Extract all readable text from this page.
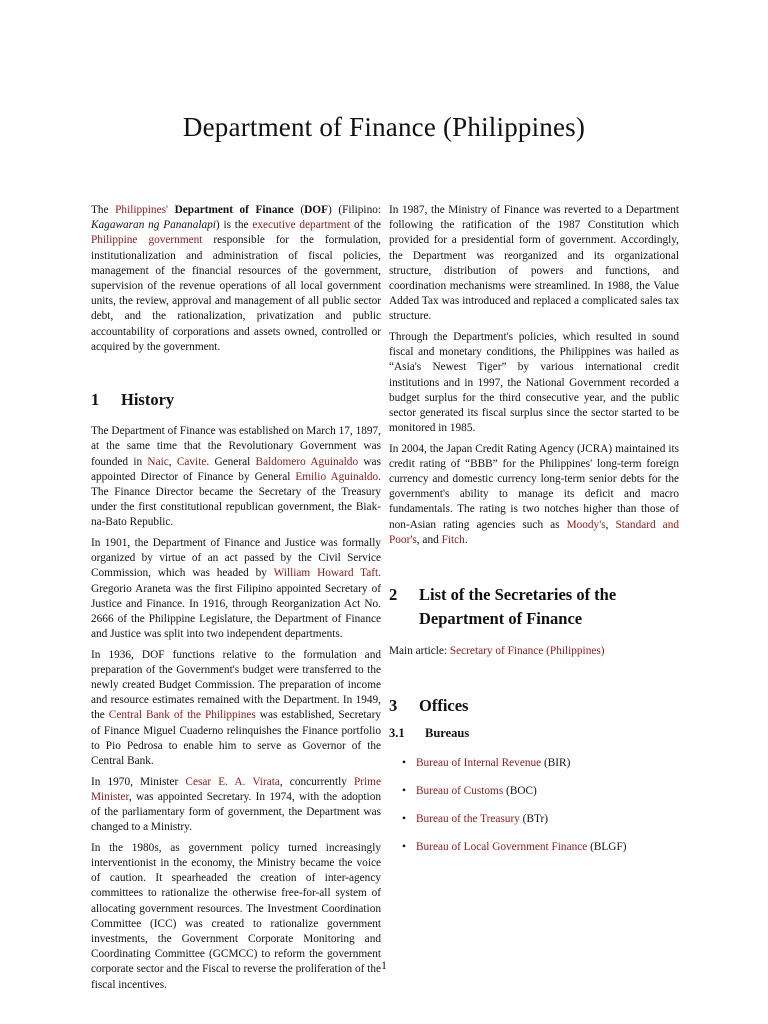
Department of Finance (Philippines)

The Philippines' Department of Finance (DOF) (Filipino: Kagawaran ng Pananalapi) is the executive department of the Philippine government responsible for the formulation, institutionalization and administration of fiscal policies, management of the financial resources of the government, supervision of the revenue operations of all local government units, the review, approval and management of all public sector debt, and the rationalization, privatization and public accountability of corporations and assets owned, controlled or acquired by the government.

1	History

The Department of Finance was established on March 17, 1897, at the same time that the Revolutionary Government was founded in Naic, Cavite. General Baldomero Aguinaldo was appointed Director of Finance by General Emilio Aguinaldo. The Finance Director became the Secretary of the Treasury under the first constitutional republican government, the Biak-na-Bato Republic.

In 1901, the Department of Finance and Justice was formally organized by virtue of an act passed by the Civil Service Commission, which was headed by William Howard Taft. Gregorio Araneta was the first Filipino appointed Secretary of Justice and Finance. In 1916, through Reorganization Act No. 2666 of the Philippine Legislature, the Department of Finance and Justice was split into two independent departments.

In 1936, DOF functions relative to the formulation and preparation of the Government's budget were transferred to the newly created Budget Commission. The preparation of income and resource estimates remained with the Department. In 1949, the Central Bank of the Philippines was established, Secretary of Finance Miguel Cuaderno relinquishes the Finance portfolio to Pio Pedrosa to enable him to serve as Governor of the Central Bank.

In 1970, Minister Cesar E. A. Virata, concurrently Prime Minister, was appointed Secretary. In 1974, with the adoption of the parliamentary form of government, the Department was changed to a Ministry.

In the 1980s, as government policy turned increasingly interventionist in the economy, the Ministry became the voice of caution. It spearheaded the creation of inter-agency committees to rationalize the otherwise free-for-all system of allocating government resources. The Investment Coordination Committee (ICC) was created to rationalize government investments, the Government Corporate Monitoring and Coordinating Committee (GCMCC) to reform the government corporate sector and the Fiscal to reverse the proliferation of the fiscal incentives.

In 1987, the Ministry of Finance was reverted to a Department following the ratification of the 1987 Constitution which provided for a presidential form of government. Accordingly, the Department was reorganized and its organizational structure, distribution of powers and functions, and coordination mechanisms were streamlined. In 1988, the Value Added Tax was introduced and replaced a complicated sales tax structure.

Through the Department's policies, which resulted in sound fiscal and monetary conditions, the Philippines was hailed as “Asia's Newest Tiger” by various international credit institutions and in 1997, the National Government recorded a budget surplus for the third consecutive year, and the public sector generated its fiscal surplus since the sector started to be monitored in 1985.

In 2004, the Japan Credit Rating Agency (JCRA) maintained its credit rating of “BBB” for the Philippines' long-term foreign currency and domestic currency long-term senior debts for the government's ability to manage its deficit and macro fundamentals. The rating is two notches higher than those of non-Asian rating agencies such as Moody's, Standard and Poor's, and Fitch.

2	List of the Secretaries of the Department of Finance

Main article: Secretary of Finance (Philippines)

3	Offices
3.1	Bureaus
• Bureau of Internal Revenue (BIR)
• Bureau of Customs (BOC)
• Bureau of the Treasury (BTr)
• Bureau of Local Government Finance (BLGF)
1
